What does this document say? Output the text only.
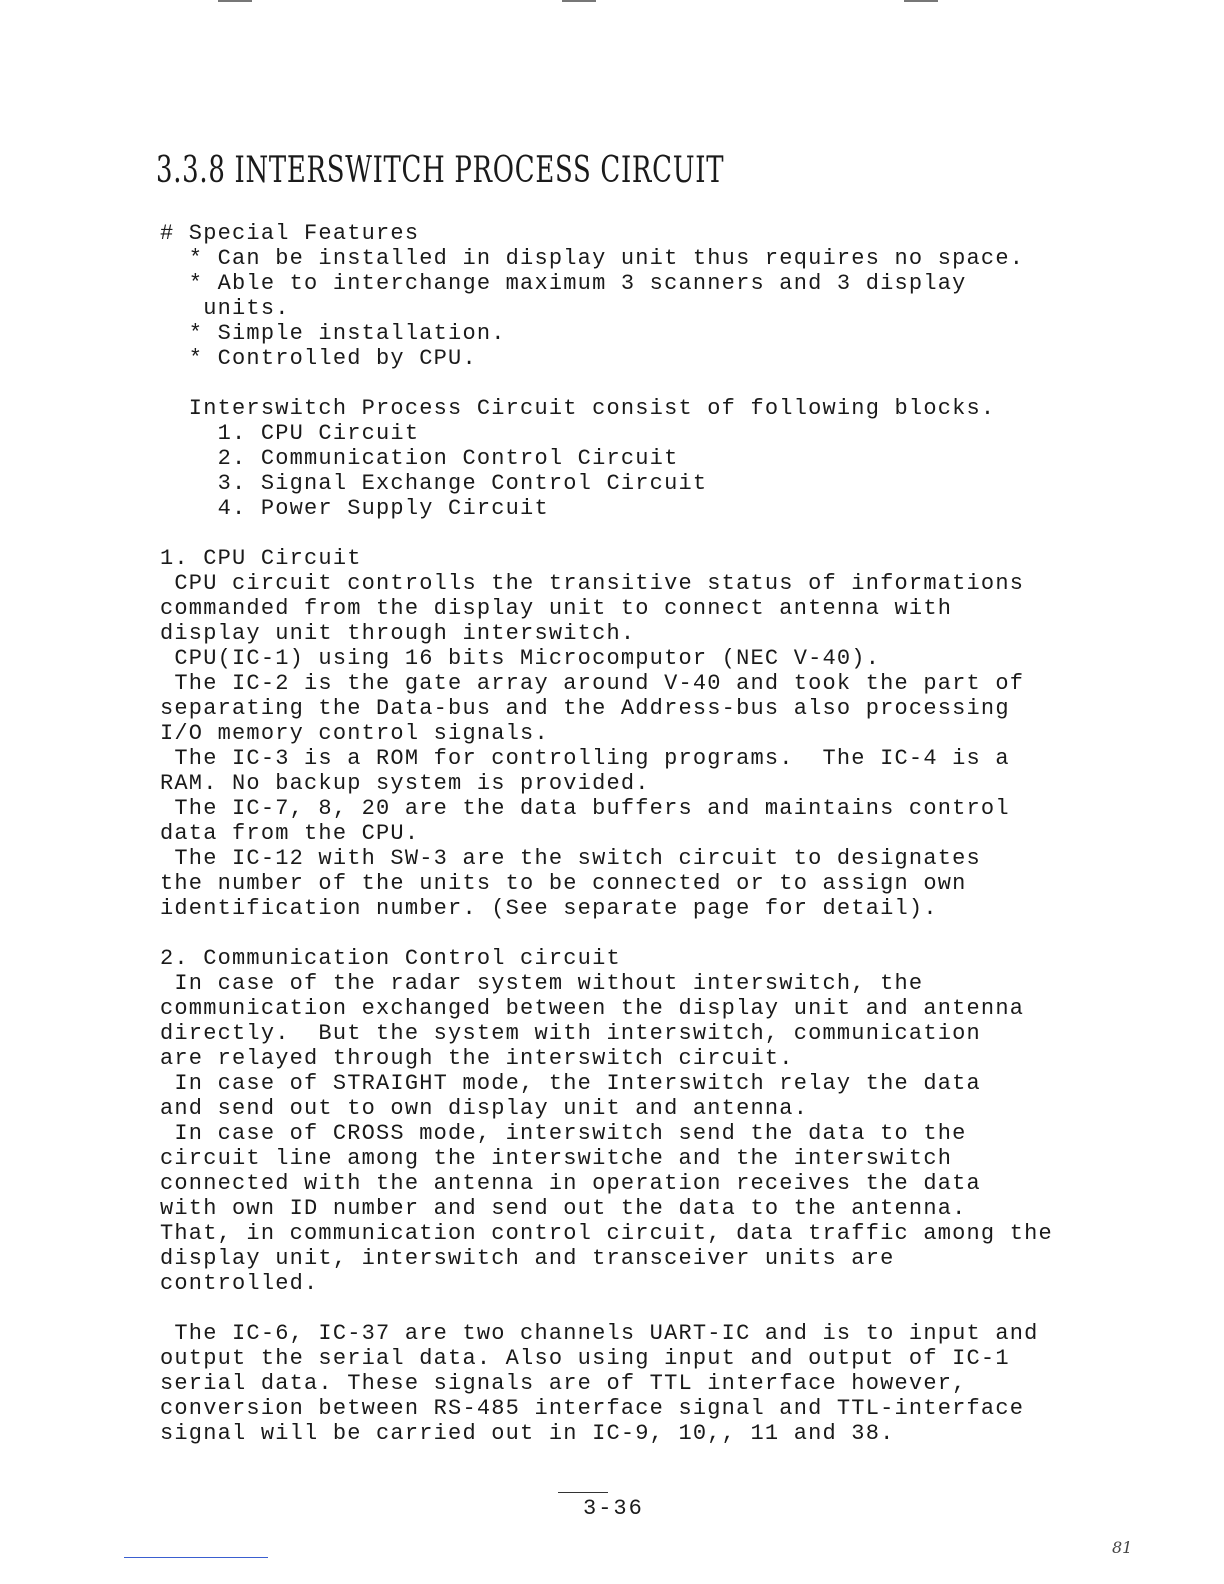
3.3.8 INTERSWITCH PROCESS CIRCUIT
# Special Features
* Can be installed in display unit thus requires no space.
* Able to interchange maximum 3 scanners and 3 display
units.
* Simple installation.
* Controlled by CPU.
Interswitch Process Circuit consist of following blocks.
1. CPU Circuit
2. Communication Control Circuit
3. Signal Exchange Control Circuit
4. Power Supply Circuit
1. CPU Circuit
CPU circuit controlls the transitive status of informations
commanded from the display unit to connect antenna with
display unit through interswitch.
CPU(IC-1) using 16 bits Microcomputor (NEC V-40).
The IC-2 is the gate array around V-40 and took the part of
separating the Data-bus and the Address-bus also processing
I/O memory control signals.
The IC-3 is a ROM for controlling programs.  The IC-4 is a
RAM. No backup system is provided.
The IC-7, 8, 20 are the data buffers and maintains control
data from the CPU.
The IC-12 with SW-3 are the switch circuit to designates
the number of the units to be connected or to assign own
identification number. (See separate page for detail).
2. Communication Control circuit
In case of the radar system without interswitch, the
communication exchanged between the display unit and antenna
directly.  But the system with interswitch, communication
are relayed through the interswitch circuit.
In case of STRAIGHT mode, the Interswitch relay the data
and send out to own display unit and antenna.
In case of CROSS mode, interswitch send the data to the
circuit line among the interswitche and the interswitch
connected with the antenna in operation receives the data
with own ID number and send out the data to the antenna.
That, in communication control circuit, data traffic among the
display unit, interswitch and transceiver units are
controlled.
The IC-6, IC-37 are two channels UART-IC and is to input and
output the serial data. Also using input and output of IC-1
serial data. These signals are of TTL interface however,
conversion between RS-485 interface signal and TTL-interface
signal will be carried out in IC-9, 10,, 11 and 38.
3-36
81
